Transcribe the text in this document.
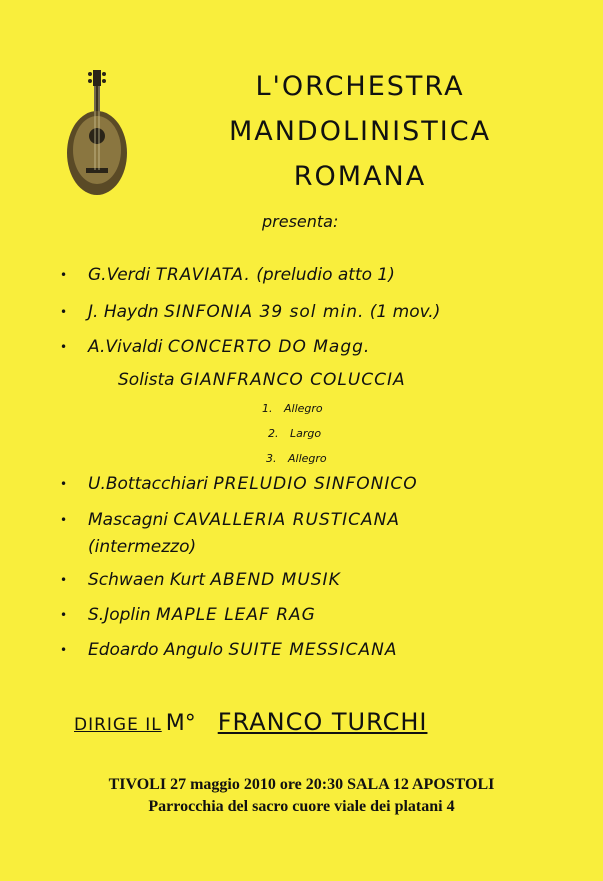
L'ORCHESTRA
MANDOLINISTICA
ROMANA
presenta:
• G.Verdi TRAVIATA. (preludio atto 1)
• J. Haydn SINFONIA 39 sol min. (1 mov.)
• A.Vivaldi CONCERTO DO Magg.
Solista GIANFRANCO COLUCCIA
1. Allegro
2. Largo
3. Allegro
• U.Bottacchiari PRELUDIO SINFONICO
• Mascagni CAVALLERIA RUSTICANA
(intermezzo)
• Schwaen Kurt ABEND MUSIK
• S.Joplin MAPLE LEAF RAG
• Edoardo Angulo SUITE MESSICANA
DIRIGE IL M° FRANCO TURCHI
TIVOLI 27 maggio 2010 ore 20:30 SALA 12 APOSTOLI
Parrocchia del sacro cuore viale dei platani 4
